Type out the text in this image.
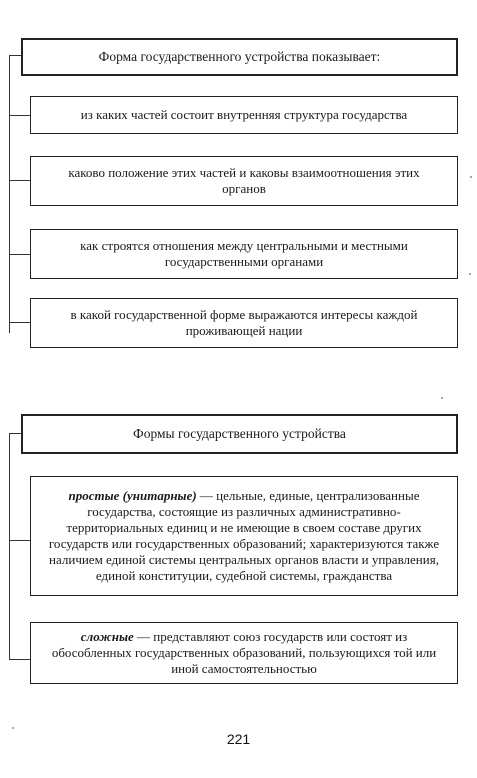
Форма государственного устройства показывает:
из каких частей состоит внутренняя структура государства
каково положение этих частей и каковы взаимоотношения этих органов
как строятся отношения между центральными и местными государственными органами
в какой государственной форме выражаются интересы каждой проживающей нации
Формы государственного устройства
простые (унитарные) — цельные, единые, централизованные государства, состоящие из различных административно-территориальных единиц и не имеющие в своем составе других государств или государственных образований; характеризуются также наличием единой системы центральных органов власти и управления, единой конституции, судебной системы, гражданства
сложные — представляют союз государств или состоят из обособленных государственных образований, пользующихся той или иной самостоятельностью
221
